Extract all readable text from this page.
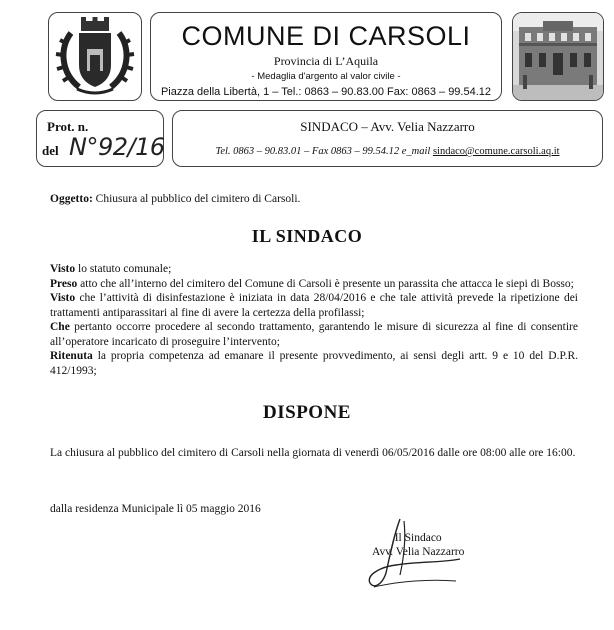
COMUNE DI CARSOLI
Provincia di L’Aquila
- Medaglia d'argento al valor civile -
Piazza della Libertà, 1 – Tel.: 0863 – 90.83.00 Fax: 0863 – 99.54.12
Prot. n.
del N°92/16
SINDACO – Avv. Velia Nazzarro
Tel. 0863 – 90.83.01 – Fax 0863 – 99.54.12 e_mail sindaco@comune.carsoli.aq.it
Oggetto: Chiusura al pubblico del cimitero di Carsoli.
IL SINDACO
Visto lo statuto comunale;
Preso atto che all’interno del cimitero del Comune di Carsoli è presente un parassita che attacca le siepi di Bosso;
Visto che l’attività di disinfestazione è iniziata in data 28/04/2016 e che tale attività prevede la ripetizione dei trattamenti antiparassitari al fine di avere la certezza della profilassi;
Che pertanto occorre procedere al secondo trattamento, garantendo le misure di sicurezza al fine di consentire all’operatore incaricato di proseguire l’intervento;
Ritenuta la propria competenza ad emanare il presente provvedimento, ai sensi degli artt. 9 e 10 del D.P.R. 412/1993;
DISPONE
La chiusura al pubblico del cimitero di Carsoli nella giornata di venerdì 06/05/2016 dalle ore 08:00 alle ore 16:00.
dalla residenza Municipale lì 05 maggio 2016
Il Sindaco
Avv. Velia Nazzarro
